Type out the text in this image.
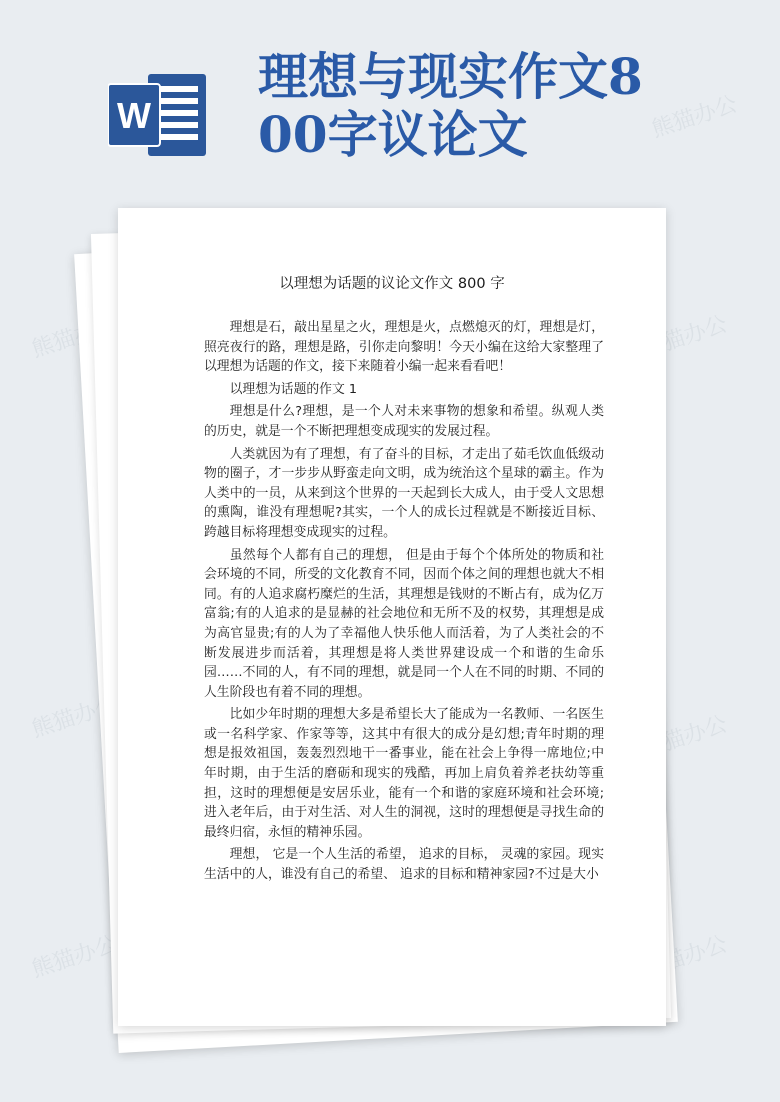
W
理想与现实作文800字议论文
熊猫办公	熊猫办公
熊猫办公	熊猫办公
熊猫办公	熊猫办公
熊猫办公
以理想为话题的议论文作文 800 字

理想是石，敲出星星之火，理想是火，点燃熄灭的灯，理想是灯，照亮夜行的路，理想是路，引你走向黎明！今天小编在这给大家整理了以理想为话题的作文，接下来随着小编一起来看看吧！

以理想为话题的作文 1

理想是什么?理想，是一个人对未来事物的想象和希望。纵观人类的历史，就是一个不断把理想变成现实的发展过程。

人类就因为有了理想，有了奋斗的目标，才走出了茹毛饮血低级动物的圈子，才一步步从野蛮走向文明，成为统治这个星球的霸主。作为人类中的一员，从来到这个世界的一天起到长大成人，由于受人文思想的熏陶，谁没有理想呢?其实，一个人的成长过程就是不断接近目标、跨越目标将理想变成现实的过程。

虽然每个人都有自己的理想， 但是由于每个个体所处的物质和社会环境的不同，所受的文化教育不同，因而个体之间的理想也就大不相同。有的人追求腐朽糜烂的生活，其理想是钱财的不断占有，成为亿万富翁;有的人追求的是显赫的社会地位和无所不及的权势，其理想是成为高官显贵;有的人为了幸福他人快乐他人而活着，为了人类社会的不断发展进步而活着，其理想是将人类世界建设成一个和谐的生命乐园……不同的人，有不同的理想，就是同一个人在不同的时期、不同的人生阶段也有着不同的理想。

比如少年时期的理想大多是希望长大了能成为一名教师、一名医生或一名科学家、作家等等，这其中有很大的成分是幻想;青年时期的理想是报效祖国，轰轰烈烈地干一番事业，能在社会上争得一席地位;中年时期，由于生活的磨砺和现实的残酷，再加上肩负着养老扶幼等重担，这时的理想便是安居乐业，能有一个和谐的家庭环境和社会环境;进入老年后，由于对生活、对人生的洞视，这时的理想便是寻找生命的最终归宿，永恒的精神乐园。

理想， 它是一个人生活的希望， 追求的目标， 灵魂的家园。现实生活中的人，谁没有自己的希望、 追求的目标和精神家园?不过是大小
